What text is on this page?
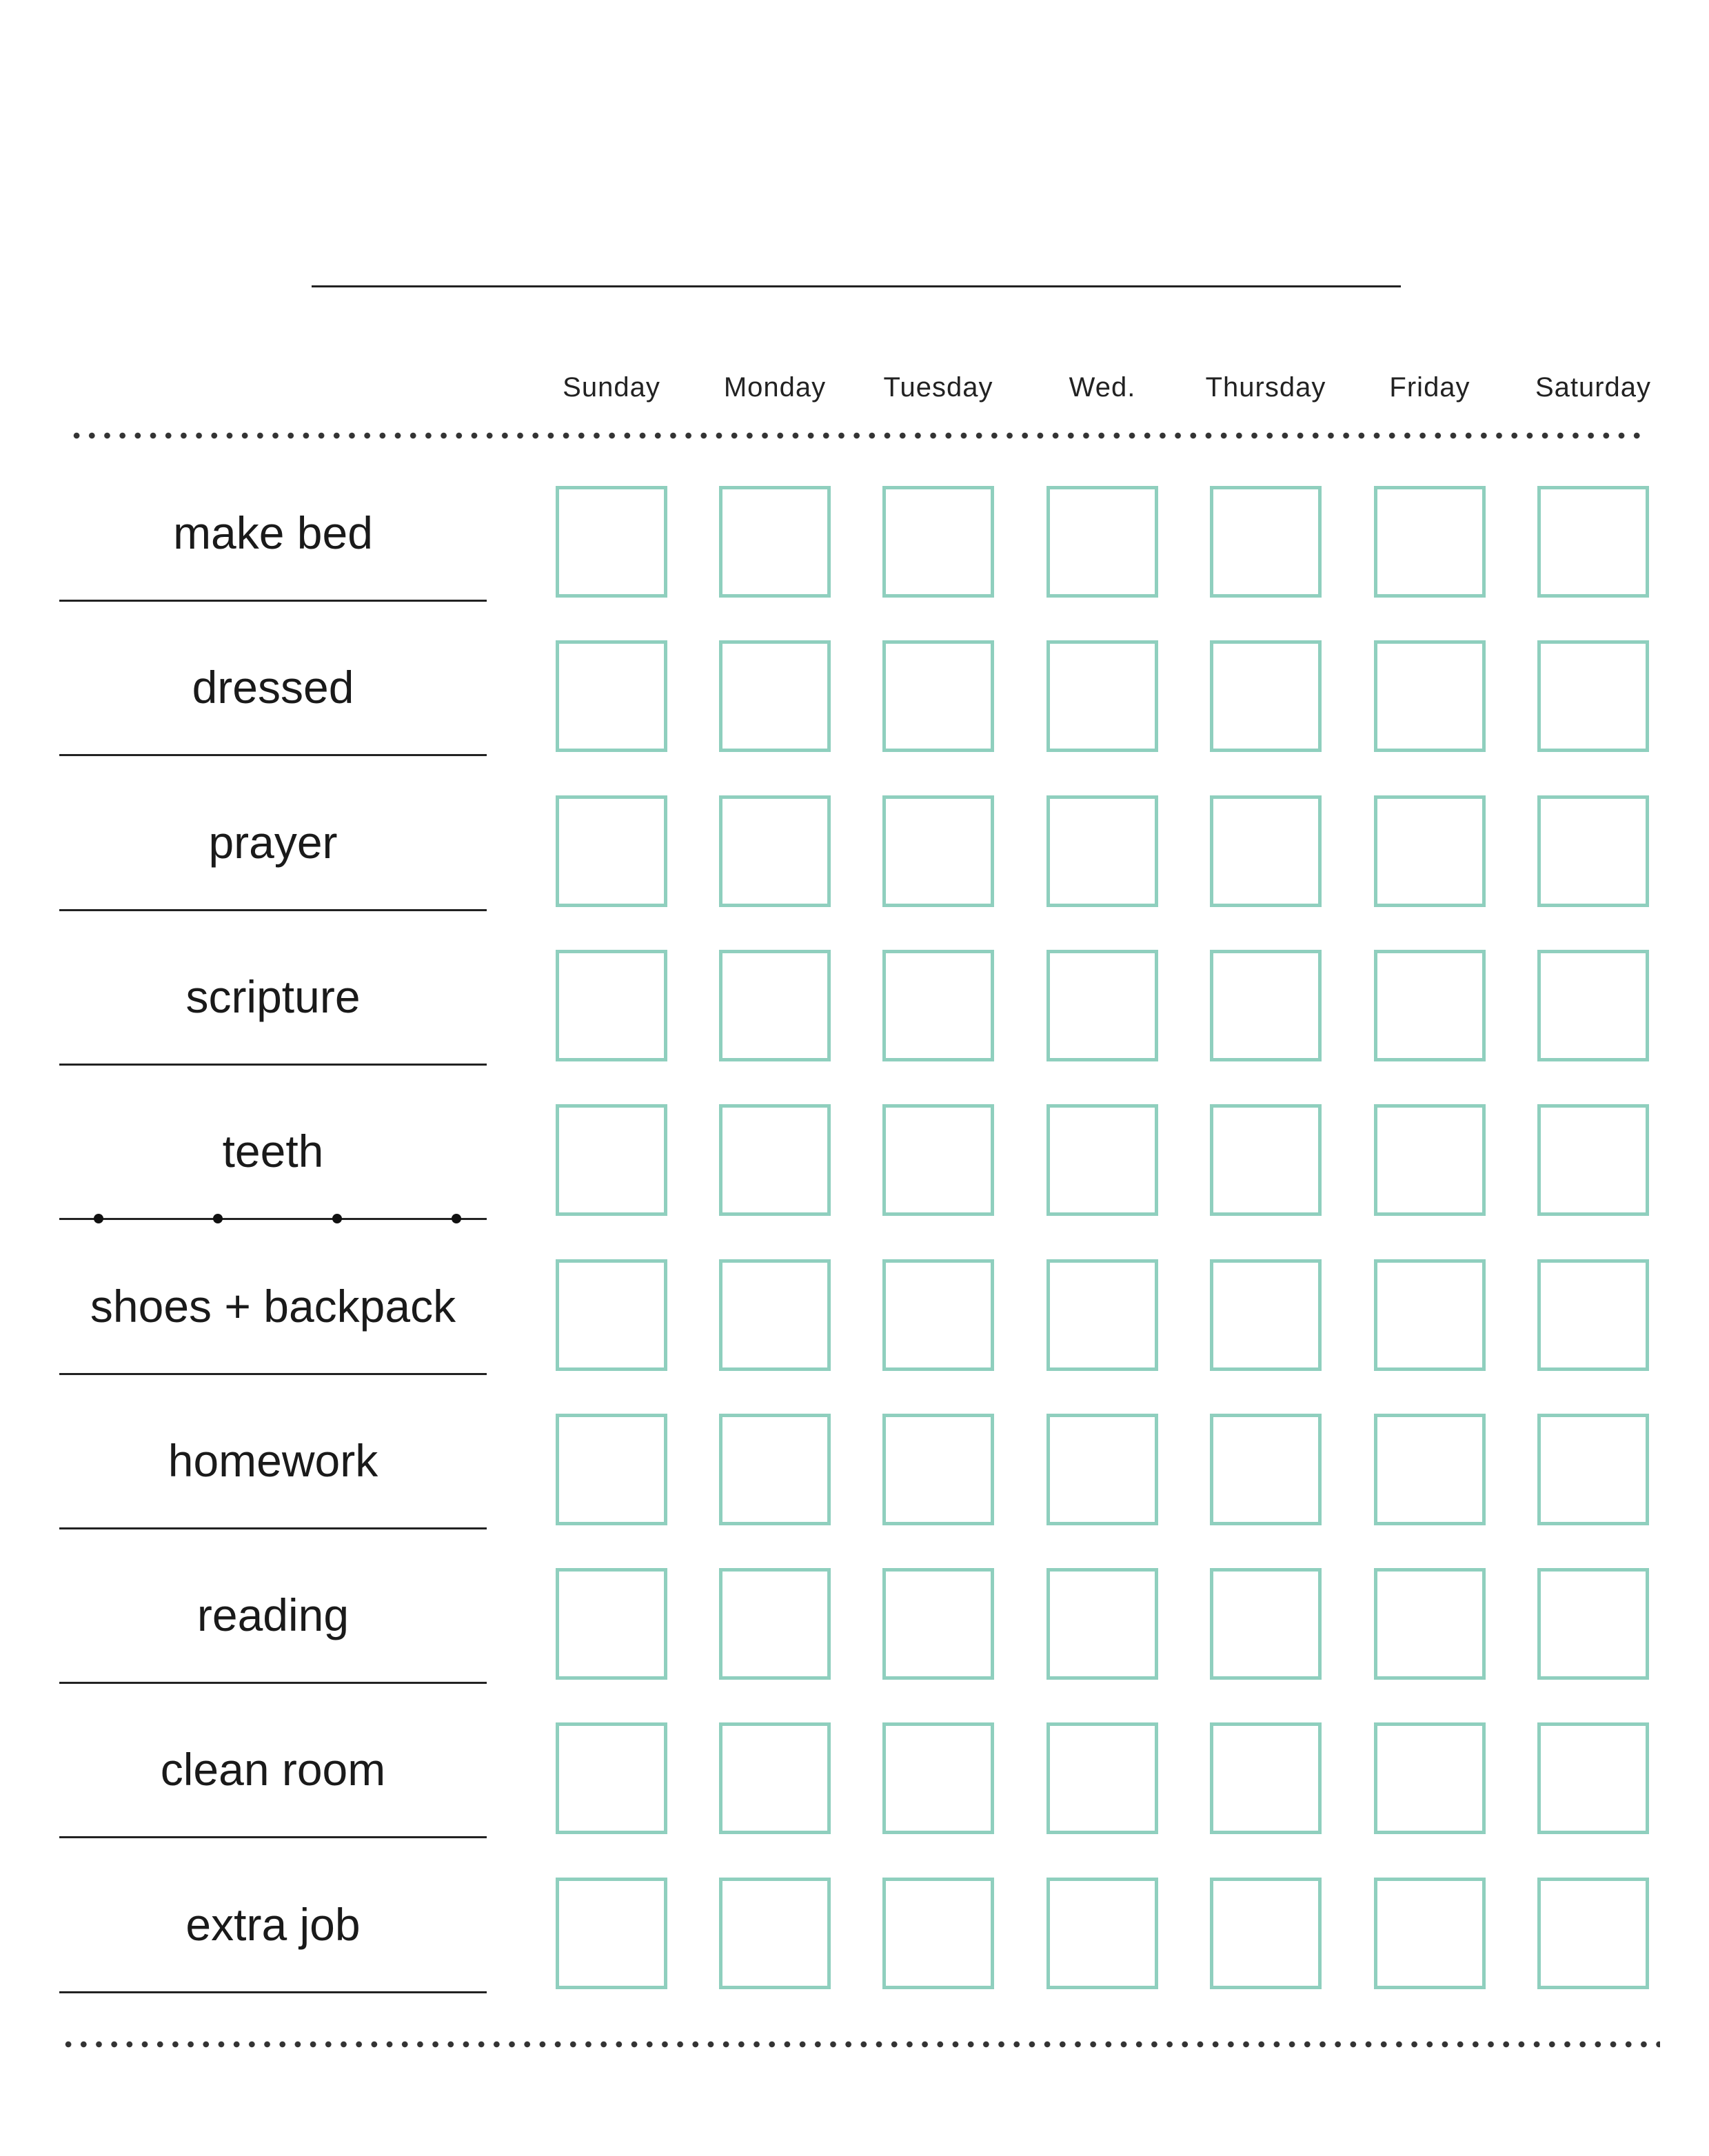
Sunday	Monday	Tuesday	Wed.	Thursday	Friday	Saturday
make bed
dressed
prayer
scripture
teeth
shoes + backpack
homework
reading
clean room
extra job
